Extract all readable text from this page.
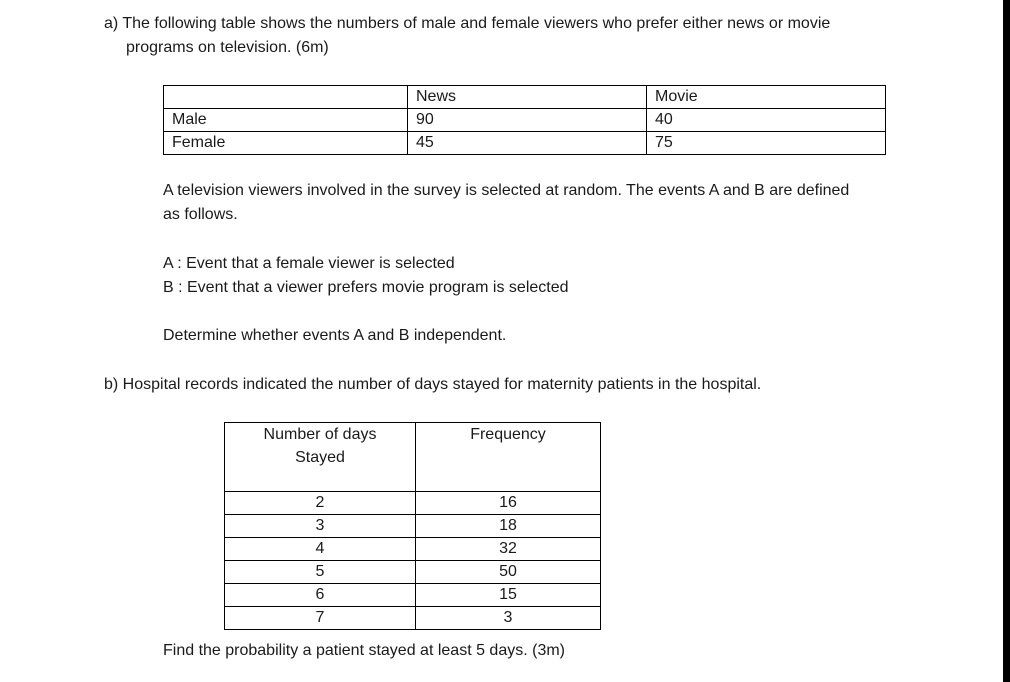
a) The following table shows the numbers of male and female viewers who prefer either news or movie
programs on television. (6m)
	News	Movie
Male	90	40
Female	45	75
A television viewers involved in the survey is selected at random. The events A and B are defined
as follows.
A : Event that a female viewer is selected
B : Event that a viewer prefers movie program is selected
Determine whether events A and B independent.
b) Hospital records indicated the number of days stayed for maternity patients in the hospital.
Number of days
Stayed	Frequency

2	16
3	18
4	32
5	50
6	15
7	3
Find the probability a patient stayed at least 5 days. (3m)
